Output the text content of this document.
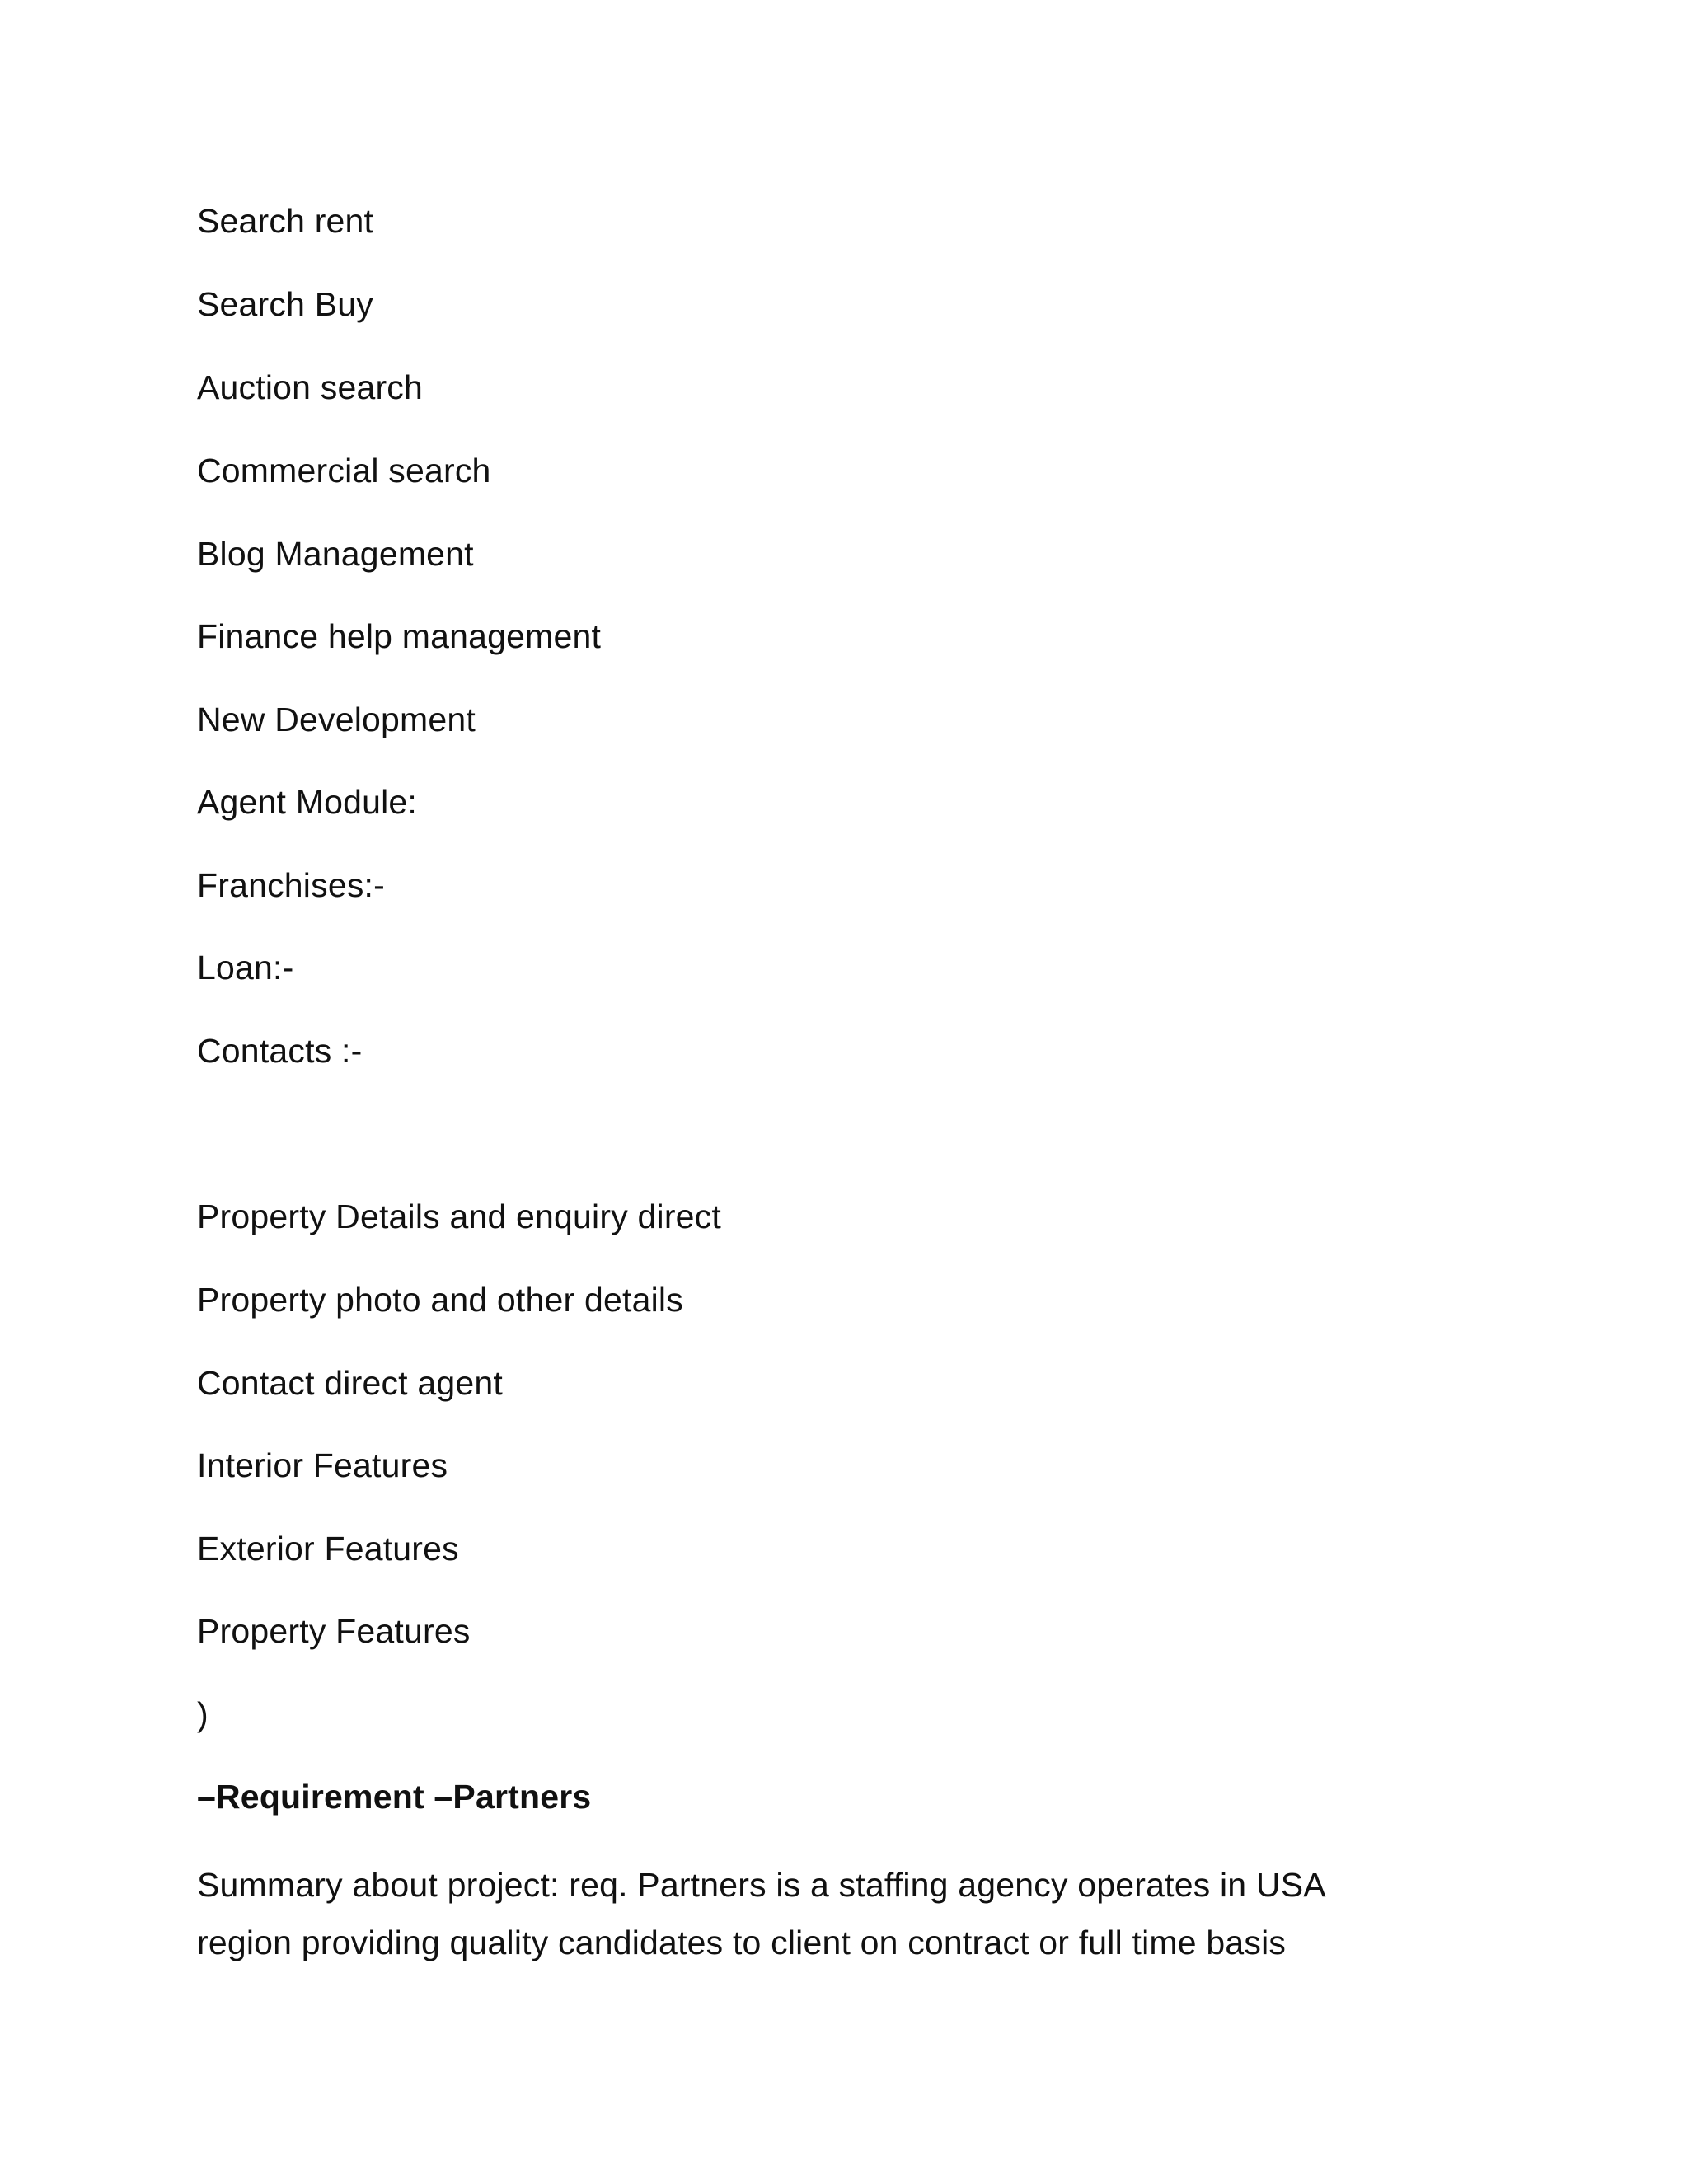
Search rent
Search Buy
Auction search
Commercial search
Blog Management
Finance help management
New Development
Agent Module:
Franchises:-
Loan:-
Contacts :-
Property Details and enquiry direct
Property photo and other details
Contact direct agent
Interior Features
Exterior Features
Property Features
)
–Requirement –Partners
Summary about project: req. Partners is a staffing agency operates in USA
region providing quality candidates to client on contract or full time basis
